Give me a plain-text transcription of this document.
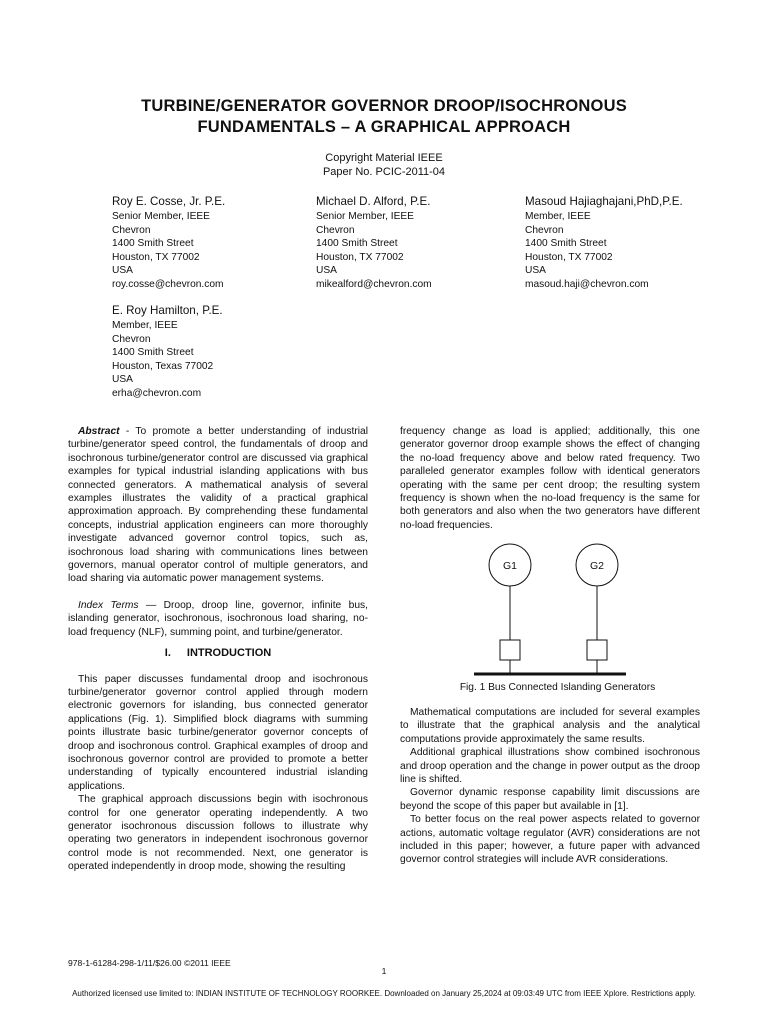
TURBINE/GENERATOR GOVERNOR DROOP/ISOCHRONOUS
FUNDAMENTALS – A GRAPHICAL APPROACH
Copyright Material IEEE
Paper No. PCIC-2011-04
Roy E. Cosse, Jr. P.E.
Senior Member, IEEE
Chevron
1400 Smith Street
Houston, TX 77002
USA
roy.cosse@chevron.com
Michael D. Alford, P.E.
Senior Member, IEEE
Chevron
1400 Smith Street
Houston, TX 77002
USA
mikealford@chevron.com
Masoud Hajiaghajani,PhD,P.E.
Member, IEEE
Chevron
1400 Smith Street
Houston, TX 77002
USA
masoud.haji@chevron.com
E. Roy Hamilton, P.E.
Member, IEEE
Chevron
1400 Smith Street
Houston, Texas 77002
USA
erha@chevron.com

Abstract - To promote a better understanding of industrial turbine/generator speed control, the fundamentals of droop and isochronous turbine/generator control are discussed via graphical examples for typical industrial islanding applications with bus connected generators. A mathematical analysis of several examples illustrates the validity of a practical graphical approximation approach. By comprehending these fundamental concepts, industrial application engineers can more thoroughly investigate advanced governor control topics, such as, isochronous load sharing with communications lines between governors, manual operator control of multiple generators, and load sharing via automatic power management systems.

Index Terms — Droop, droop line, governor, infinite bus, islanding generator, isochronous, isochronous load sharing, no-load frequency (NLF), summing point, and turbine/generator.

I. INTRODUCTION

This paper discusses fundamental droop and isochronous turbine/generator governor control applied through modern electronic governors for islanding, bus connected generator applications (Fig. 1). Simplified block diagrams with summing points illustrate basic turbine/generator governor concepts of droop and isochronous control. Graphical examples of droop and isochronous governor control are provided to promote a better understanding of typically encountered industrial islanding applications.

The graphical approach discussions begin with isochronous control for one generator operating independently. A two generator isochronous discussion follows to illustrate why operating two generators in independent isochronous governor control mode is not recommended. Next, one generator is operated independently in droop mode, showing the resulting

frequency change as load is applied; additionally, this one generator governor droop example shows the effect of changing the no-load frequency above and below rated frequency. Two paralleled generator examples follow with identical generators operating with the same per cent droop; the resulting system frequency is shown when the no-load frequency is the same for both generators and also when the two generators have different no-load frequencies.

G1	G2
Fig. 1 Bus Connected Islanding Generators

Mathematical computations are included for several examples to illustrate that the graphical analysis and the analytical computations provide approximately the same results.

Additional graphical illustrations show combined isochronous and droop operation and the change in power output as the droop line is shifted.

Governor dynamic response capability limit discussions are beyond the scope of this paper but available in [1].

To better focus on the real power aspects related to governor actions, automatic voltage regulator (AVR) considerations are not included in this paper; however, a future paper with advanced governor control strategies will include AVR considerations.

978-1-61284-298-1/11/$26.00 ©2011 IEEE
1
Authorized licensed use limited to: INDIAN INSTITUTE OF TECHNOLOGY ROORKEE. Downloaded on January 25,2024 at 09:03:49 UTC from IEEE Xplore. Restrictions apply.
